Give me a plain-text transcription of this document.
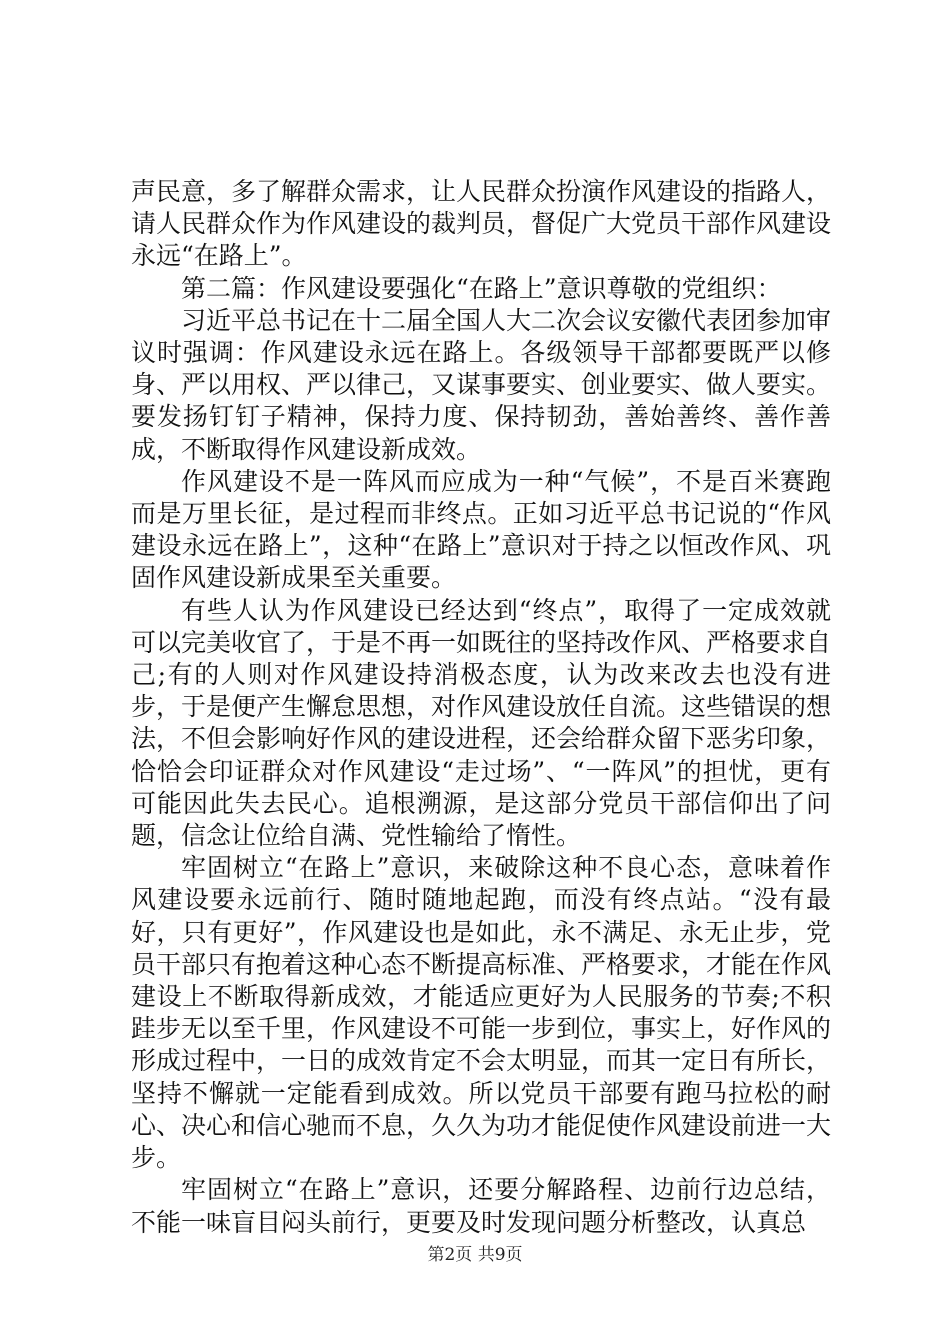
声民意，多了解群众需求，让人民群众扮演作风建设的指路人，请人民群众作为作风建设的裁判员，督促广大党员干部作风建设永远“在路上”。

第二篇：作风建设要强化“在路上”意识尊敬的党组织：

习近平总书记在十二届全国人大二次会议安徽代表团参加审议时强调：作风建设永远在路上。各级领导干部都要既严以修身、严以用权、严以律己，又谋事要实、创业要实、做人要实。要发扬钉钉子精神，保持力度、保持韧劲，善始善终、善作善成，不断取得作风建设新成效。

作风建设不是一阵风而应成为一种“气候”，不是百米赛跑而是万里长征，是过程而非终点。正如习近平总书记说的“作风建设永远在路上”，这种“在路上”意识对于持之以恒改作风、巩固作风建设新成果至关重要。

有些人认为作风建设已经达到“终点”，取得了一定成效就可以完美收官了，于是不再一如既往的坚持改作风、严格要求自己;有的人则对作风建设持消极态度，认为改来改去也没有进步，于是便产生懈怠思想，对作风建设放任自流。这些错误的想法，不但会影响好作风的建设进程，还会给群众留下恶劣印象，恰恰会印证群众对作风建设“走过场”、“一阵风”的担忧，更有可能因此失去民心。追根溯源，是这部分党员干部信仰出了问题，信念让位给自满、党性输给了惰性。

牢固树立“在路上”意识，来破除这种不良心态，意味着作风建设要永远前行、随时随地起跑，而没有终点站。“没有最好，只有更好”，作风建设也是如此，永不满足、永无止步，党员干部只有抱着这种心态不断提高标准、严格要求，才能在作风建设上不断取得新成效，才能适应更好为人民服务的节奏;不积跬步无以至千里，作风建设不可能一步到位，事实上，好作风的形成过程中，一日的成效肯定不会太明显，而其一定日有所长，坚持不懈就一定能看到成效。所以党员干部要有跑马拉松的耐心、决心和信心驰而不息，久久为功才能促使作风建设前进一大步。

牢固树立“在路上”意识，还要分解路程、边前行边总结，不能一味盲目闷头前行，更要及时发现问题分析整改，认真总

第2页 共9页
